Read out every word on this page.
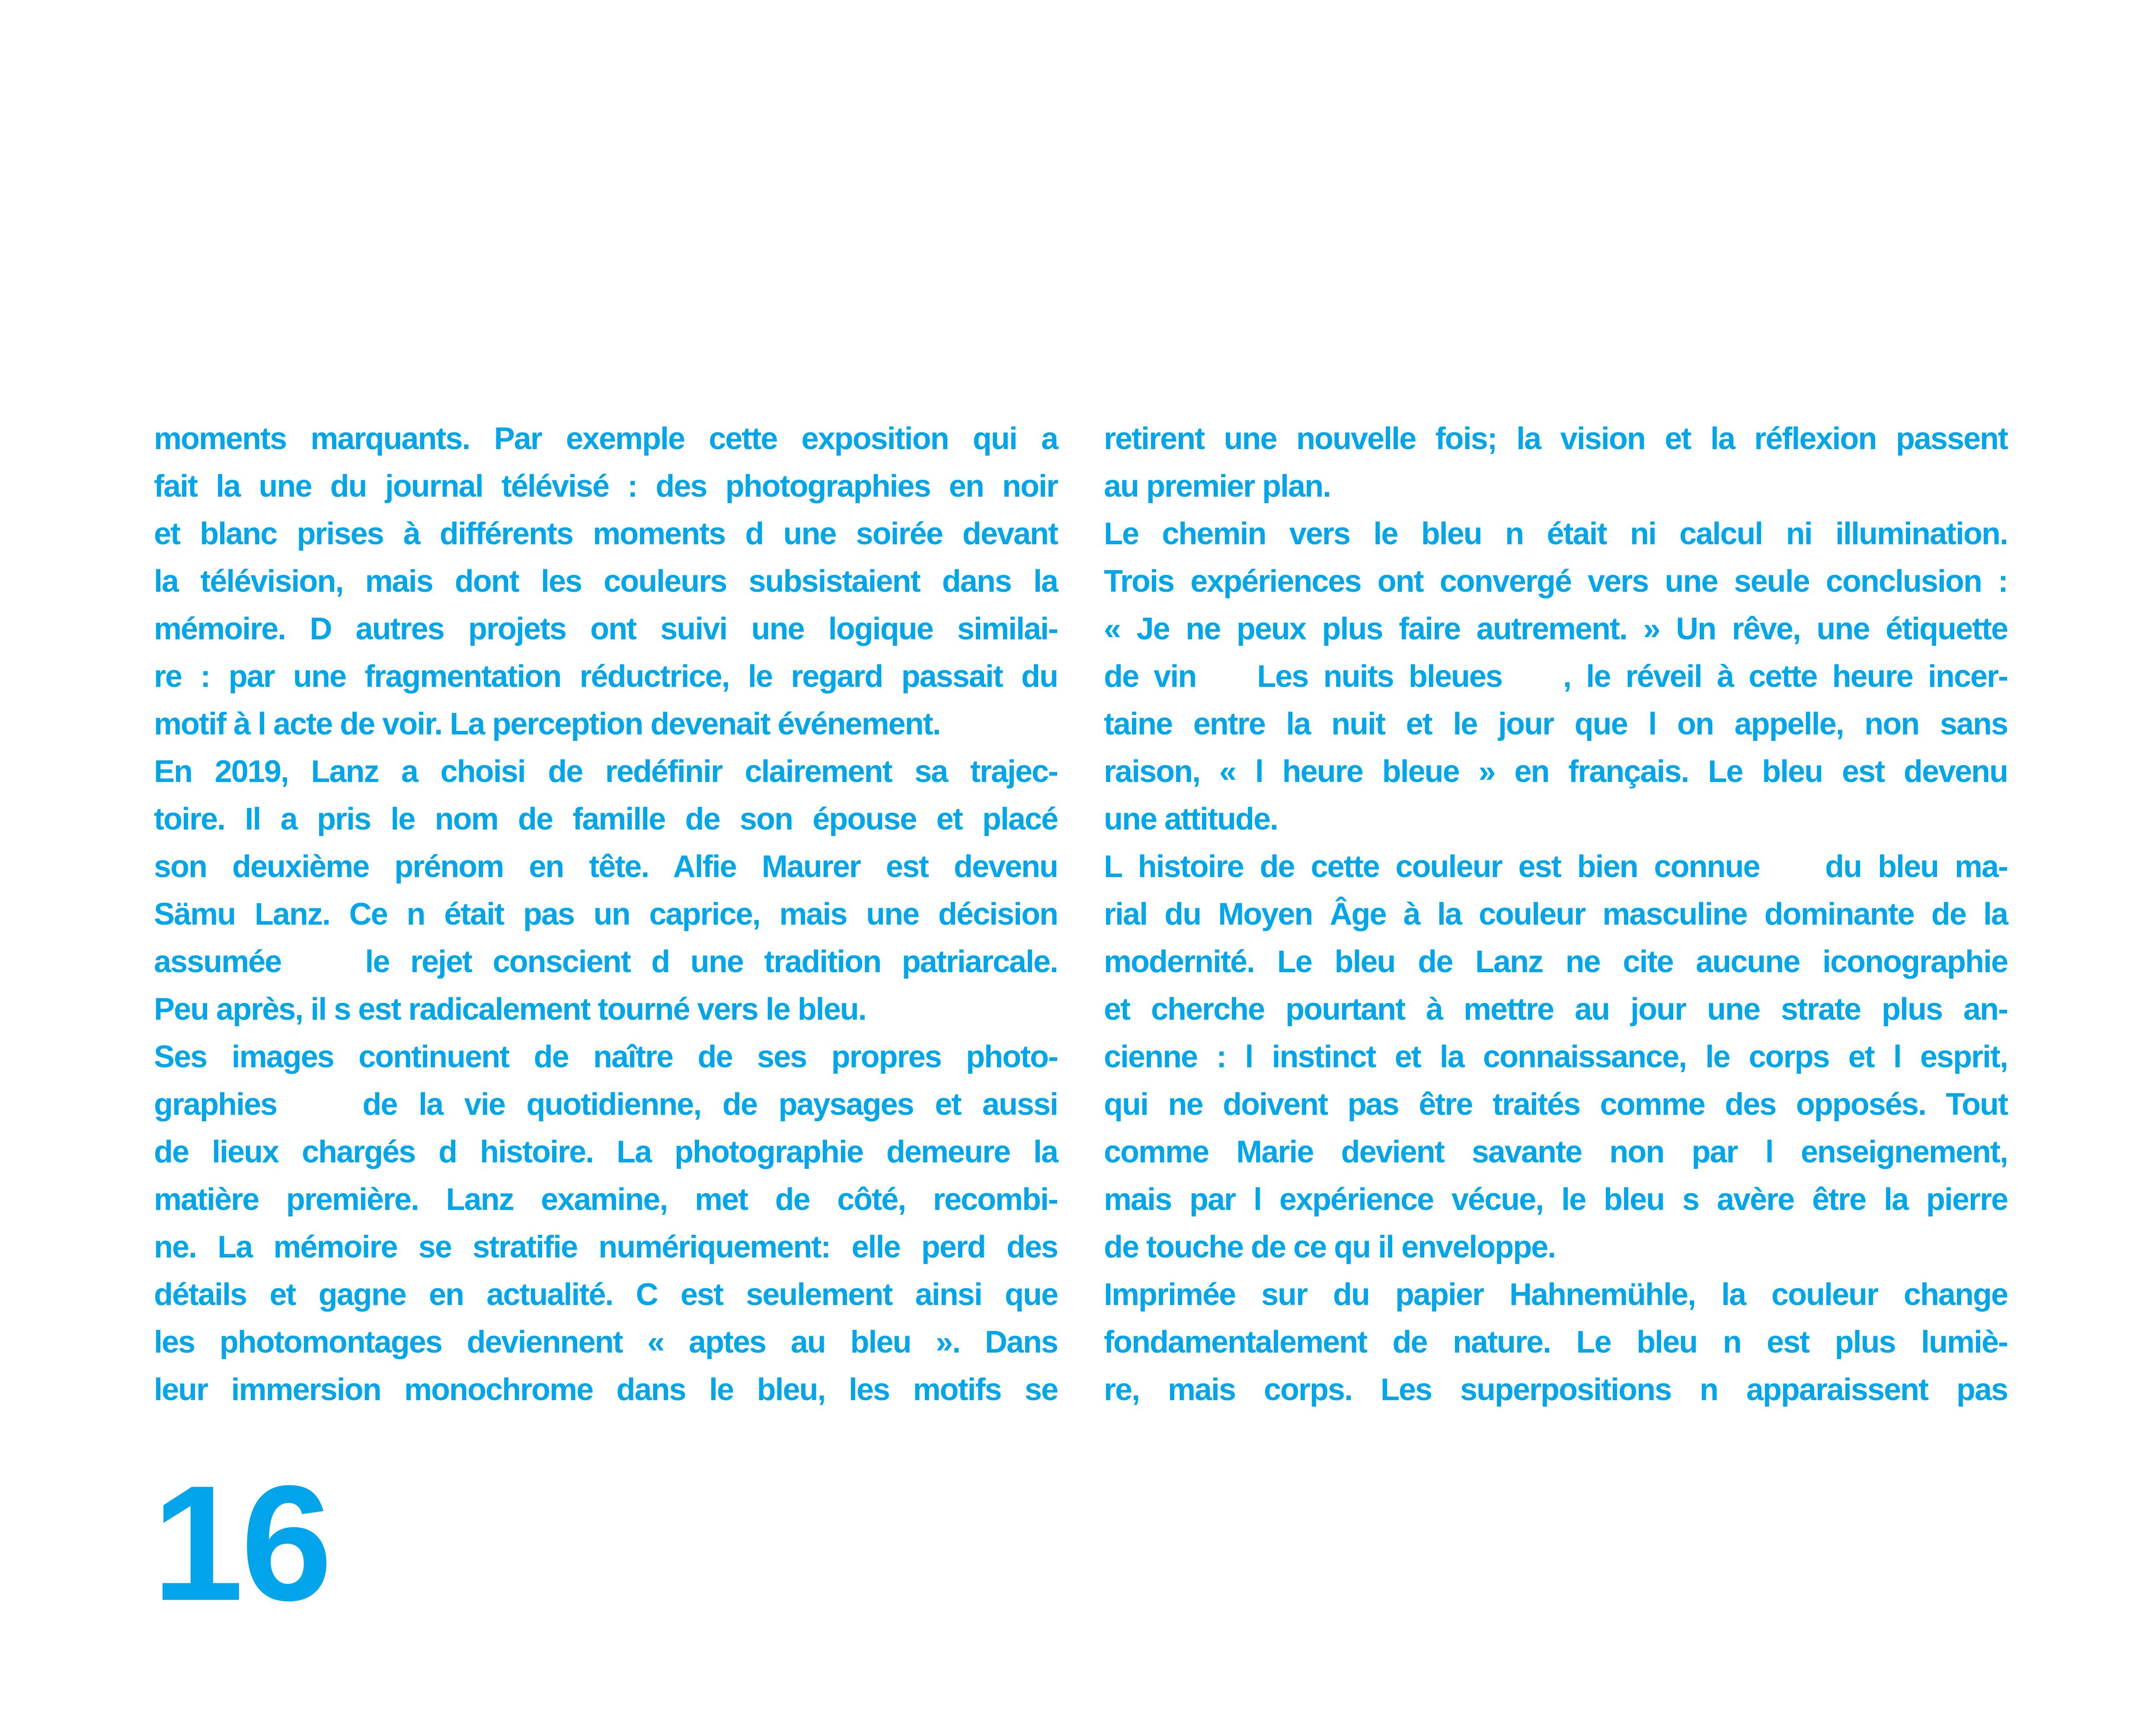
moments marquants. Par exemple cette exposition qui a
fait la une du journal télévisé : des photographies en noir
et blanc prises à différents moments d une soirée devant
la télévision, mais dont les couleurs subsistaient dans la
mémoire. D autres projets ont suivi une logique similai-
re : par une fragmentation réductrice, le regard passait du
motif à l acte de voir. La perception devenait événement.
En 2019, Lanz a choisi de redéfinir clairement sa trajec-
toire. Il a pris le nom de famille de son épouse et placé
son deuxième prénom en tête. Alfie Maurer est devenu
Sämu Lanz. Ce n était pas un caprice, mais une décision
assumée    le rejet conscient d une tradition patriarcale.
Peu après, il s est radicalement tourné vers le bleu.
Ses images continuent de naître de ses propres photo-
graphies    de la vie quotidienne, de paysages et aussi
de lieux chargés d histoire. La photographie demeure la
matière première. Lanz examine, met de côté, recombi-
ne. La mémoire se stratifie numériquement: elle perd des
détails et gagne en actualité. C est seulement ainsi que
les photomontages deviennent « aptes au bleu ». Dans
leur immersion monochrome dans le bleu, les motifs se
retirent une nouvelle fois; la vision et la réflexion passent
au premier plan.
Le chemin vers le bleu n était ni calcul ni illumination.
Trois expériences ont convergé vers une seule conclusion :
« Je ne peux plus faire autrement. » Un rêve, une étiquette
de vin    Les nuits bleues    , le réveil à cette heure incer-
taine entre la nuit et le jour que l on appelle, non sans
raison, « l heure bleue » en français. Le bleu est devenu
une attitude.
L histoire de cette couleur est bien connue    du bleu ma-
rial du Moyen Âge à la couleur masculine dominante de la
modernité. Le bleu de Lanz ne cite aucune iconographie
et cherche pourtant à mettre au jour une strate plus an-
cienne : l instinct et la connaissance, le corps et l esprit,
qui ne doivent pas être traités comme des opposés. Tout
comme Marie devient savante non par l enseignement,
mais par l expérience vécue, le bleu s avère être la pierre
de touche de ce qu il enveloppe.
Imprimée sur du papier Hahnemühle, la couleur change
fondamentalement de nature. Le bleu n est plus lumiè-
re, mais corps. Les superpositions n apparaissent pas
16
